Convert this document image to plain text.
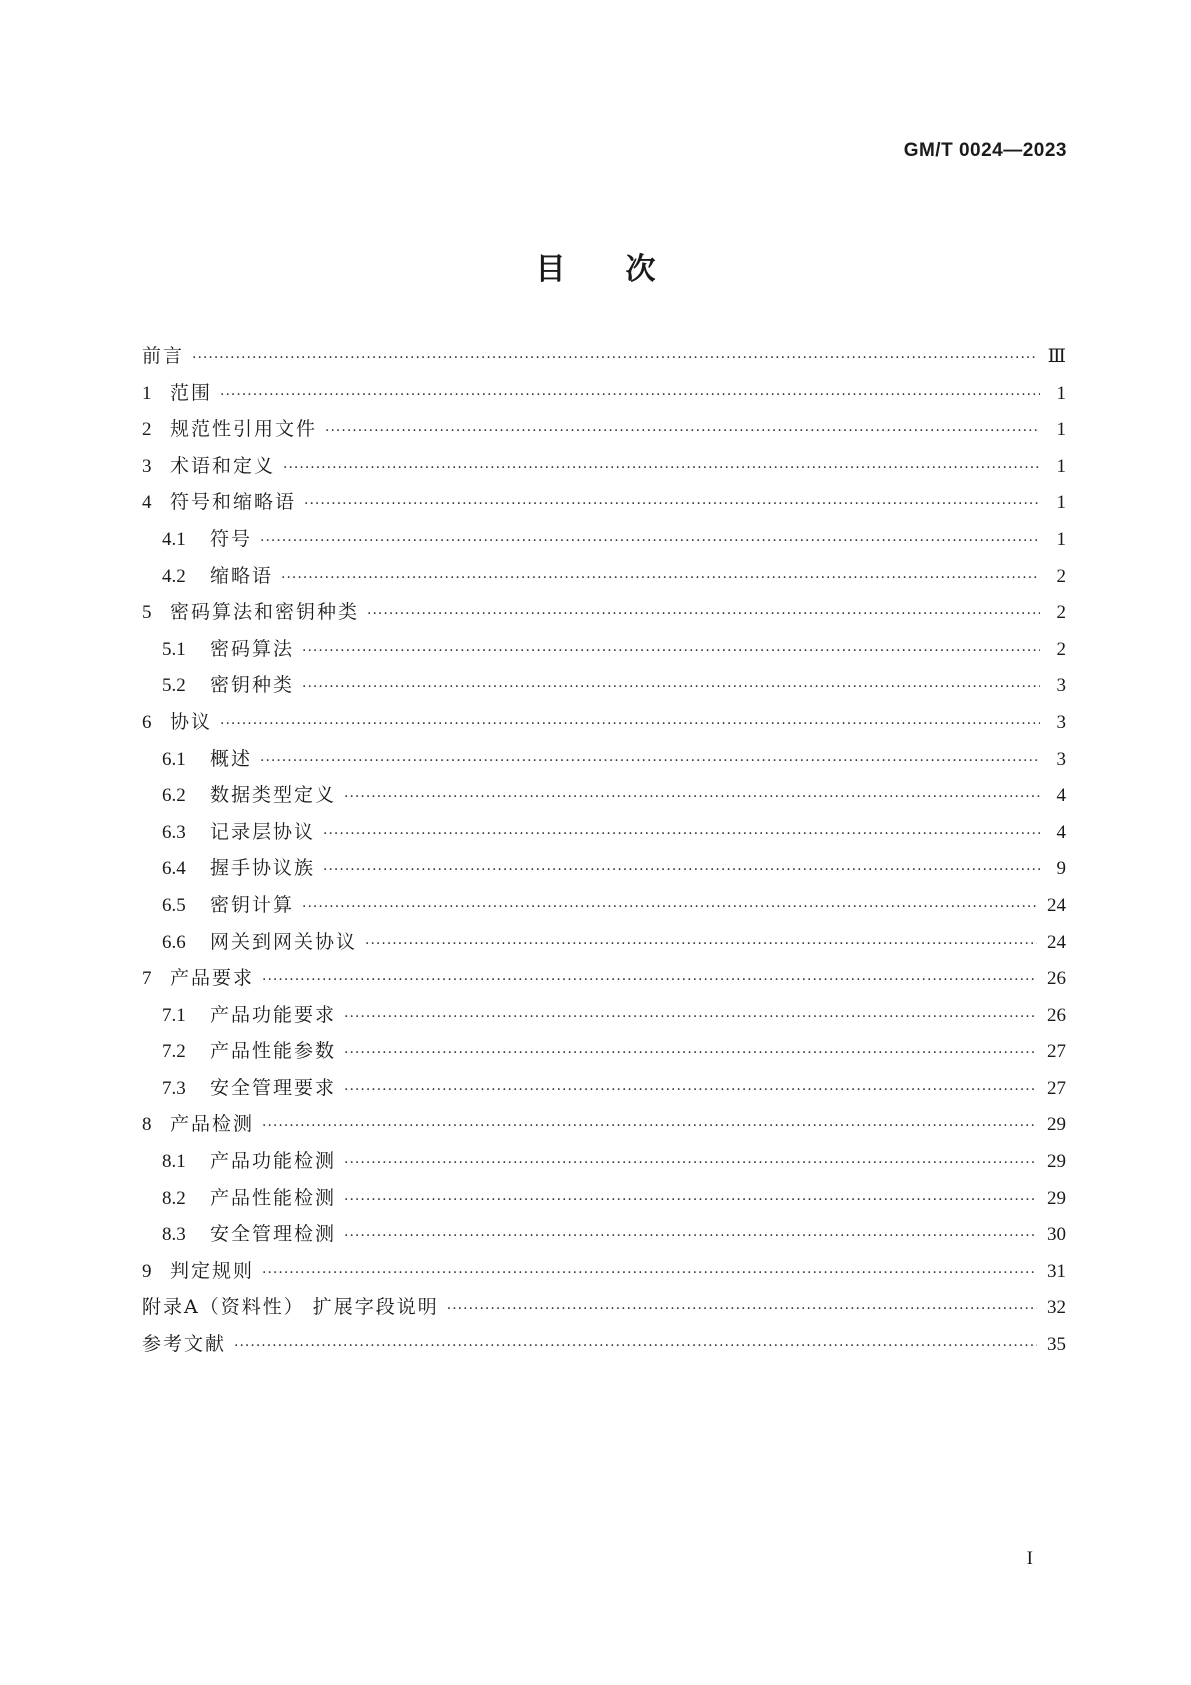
GM/T 0024—2023
目次
前言 ·····	Ⅲ
1 范围 ·····	1
2 规范性引用文件 ·····	1
3 术语和定义 ·····	1
4 符号和缩略语 ·····	1
4.1	符号 ·····	1
4.2	缩略语 ·····	2
5 密码算法和密钥种类 ·····	2
5.1	密码算法 ·····	2
5.2	密钥种类 ·····	3
6 协议 ·····	3
6.1	概述 ·····	3
6.2	数据类型定义 ·····	4
6.3	记录层协议 ·····	4
6.4	握手协议族 ·····	9
6.5	密钥计算 ·····	24
6.6	网关到网关协议 ·····	24
7 产品要求 ·····	26
7.1	产品功能要求 ·····	26
7.2	产品性能参数 ·····	27
7.3	安全管理要求 ·····	27
8 产品检测 ·····	29
8.1	产品功能检测 ·····	29
8.2	产品性能检测 ·····	29
8.3	安全管理检测 ·····	30
9 判定规则 ·····	31
附录A（资料性） 扩展字段说明 ·····	32
参考文献 ·····	35
I
